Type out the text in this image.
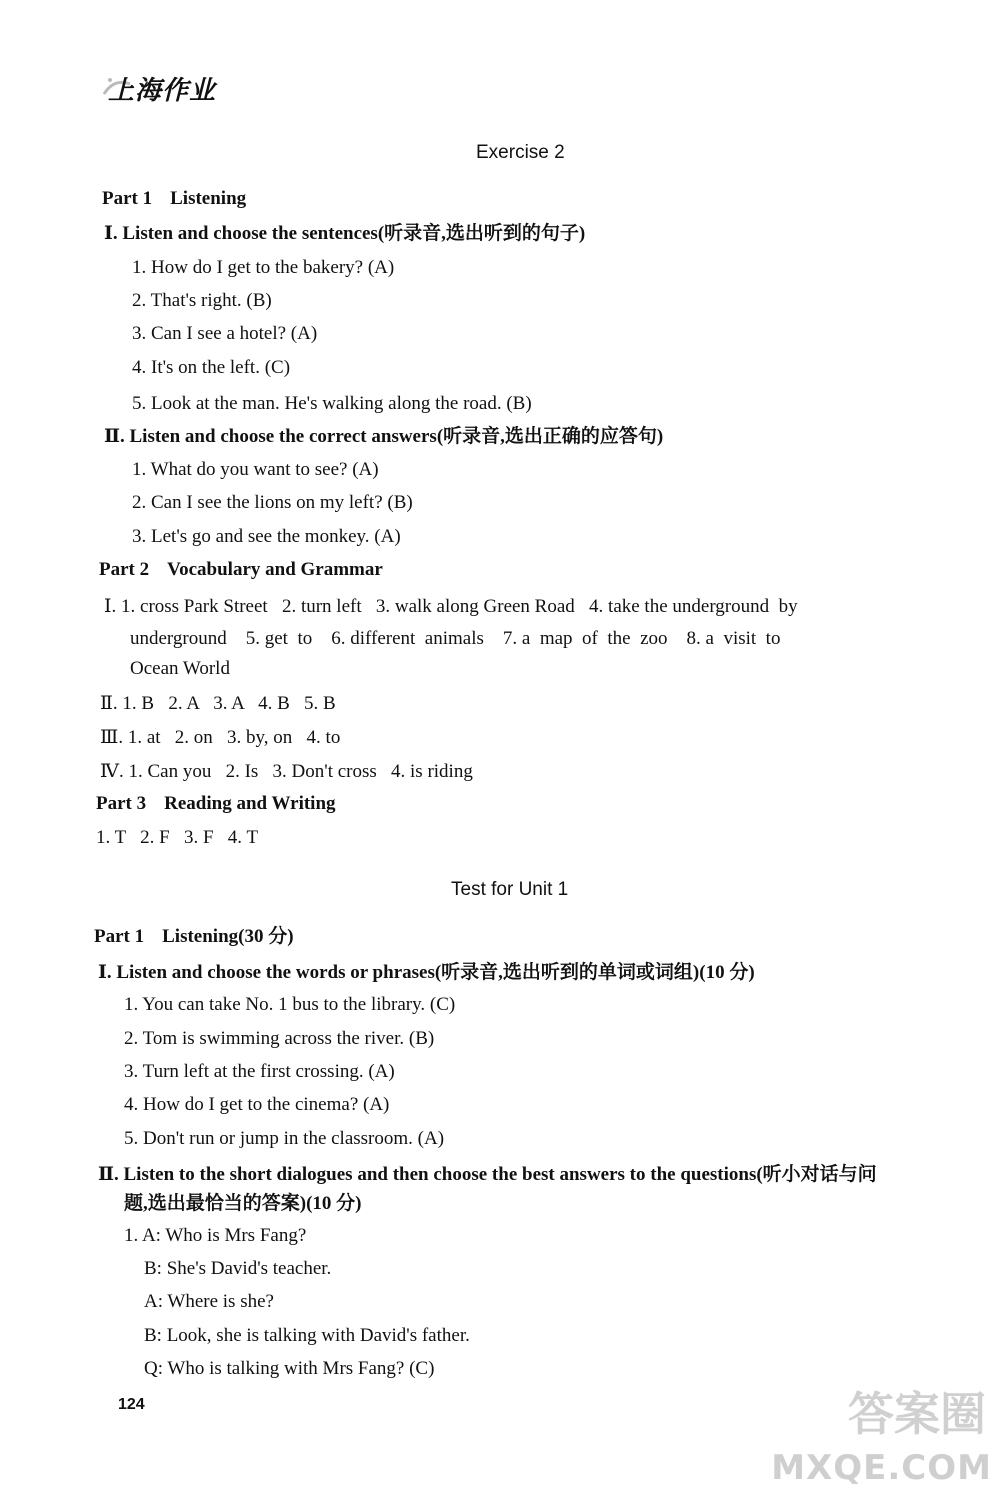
上海作业
Exercise 2
Part 1 Listening
Ⅰ. Listen and choose the sentences(听录音,选出听到的句子)
1. How do I get to the bakery? (A)
2. That's right. (B)
3. Can I see a hotel? (A)
4. It's on the left. (C)
5. Look at the man. He's walking along the road. (B)
Ⅱ. Listen and choose the correct answers(听录音,选出正确的应答句)
1. What do you want to see? (A)
2. Can I see the lions on my left? (B)
3. Let's go and see the monkey. (A)
Part 2 Vocabulary and Grammar
Ⅰ. 1. cross Park Street   2. turn left   3. walk along Green Road   4. take the underground  by
underground    5. get  to    6. different  animals    7. a  map  of  the  zoo    8. a  visit  to
Ocean World
Ⅱ. 1. B   2. A   3. A   4. B   5. B
Ⅲ. 1. at   2. on   3. by, on   4. to
Ⅳ. 1. Can you   2. Is   3. Don't cross   4. is riding
Part 3 Reading and Writing
1. T   2. F   3. F   4. T
Test for Unit 1
Part 1 Listening(30 分)
Ⅰ. Listen and choose the words or phrases(听录音,选出听到的单词或词组)(10 分)
1. You can take No. 1 bus to the library. (C)
2. Tom is swimming across the river. (B)
3. Turn left at the first crossing. (A)
4. How do I get to the cinema? (A)
5. Don't run or jump in the classroom. (A)
Ⅱ. Listen to the short dialogues and then choose the best answers to the questions(听小对话与问
题,选出最恰当的答案)(10 分)
1. A: Who is Mrs Fang?
B: She's David's teacher.
A: Where is she?
B: Look, she is talking with David's father.
Q: Who is talking with Mrs Fang? (C)
124	答案圈
MXQE.COM
